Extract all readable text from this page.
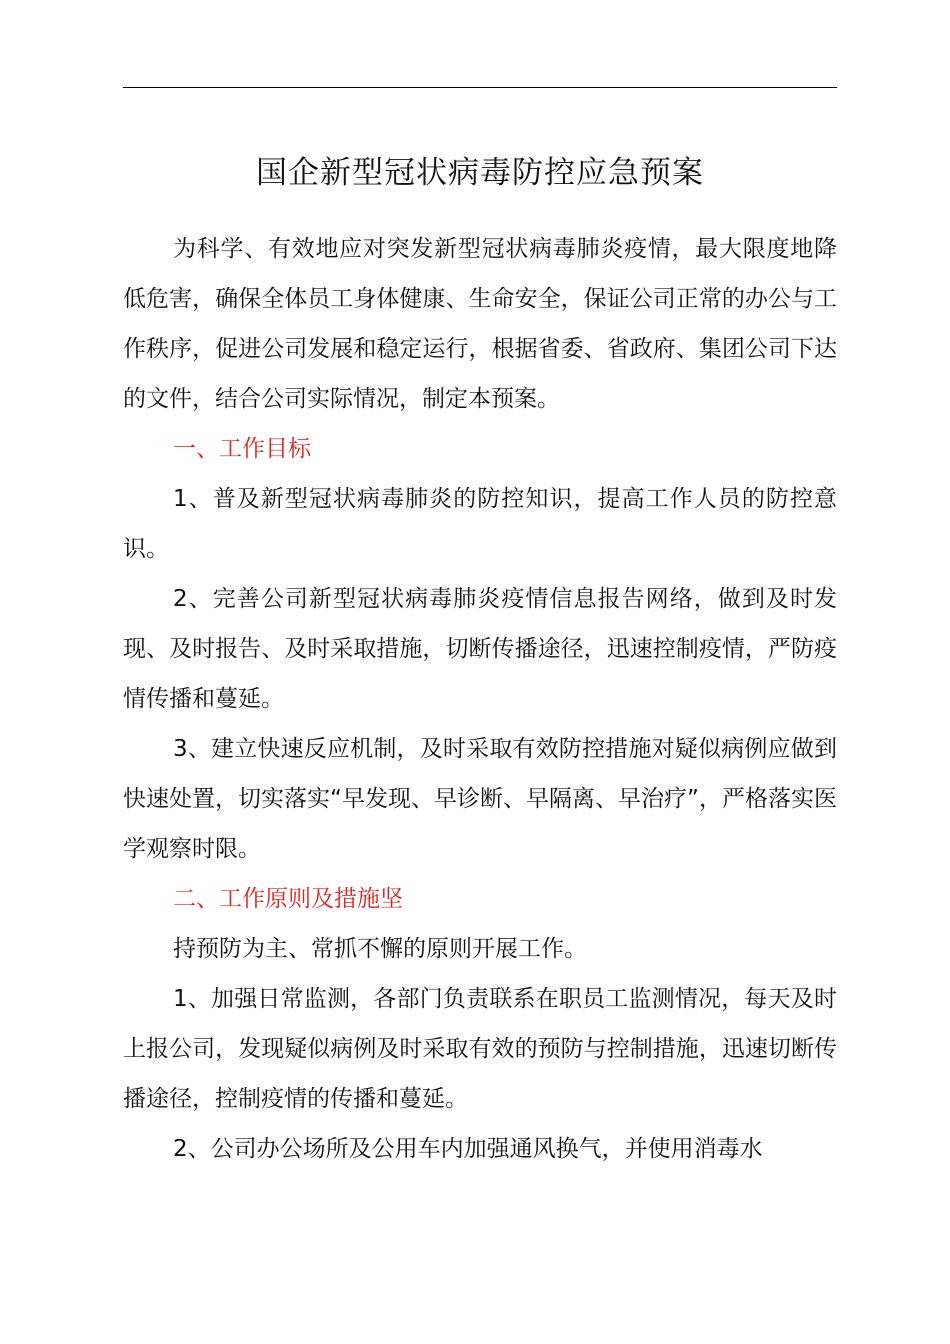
国企新型冠状病毒防控应急预案

为科学、有效地应对突发新型冠状病毒肺炎疫情，最大限度地降低危害，确保全体员工身体健康、生命安全，保证公司正常的办公与工作秩序，促进公司发展和稳定运行，根据省委、省政府、集团公司下达的文件，结合公司实际情况，制定本预案。

一、工作目标

1、普及新型冠状病毒肺炎的防控知识，提高工作人员的防控意识。

2、完善公司新型冠状病毒肺炎疫情信息报告网络，做到及时发现、及时报告、及时采取措施，切断传播途径，迅速控制疫情，严防疫情传播和蔓延。

3、建立快速反应机制，及时采取有效防控措施对疑似病例应做到快速处置，切实落实“早发现、早诊断、早隔离、早治疗”，严格落实医学观察时限。

二、工作原则及措施坚

持预防为主、常抓不懈的原则开展工作。

1、加强日常监测，各部门负责联系在职员工监测情况，每天及时上报公司，发现疑似病例及时采取有效的预防与控制措施，迅速切断传播途径，控制疫情的传播和蔓延。

2、公司办公场所及公用车内加强通风换气，并使用消毒水
